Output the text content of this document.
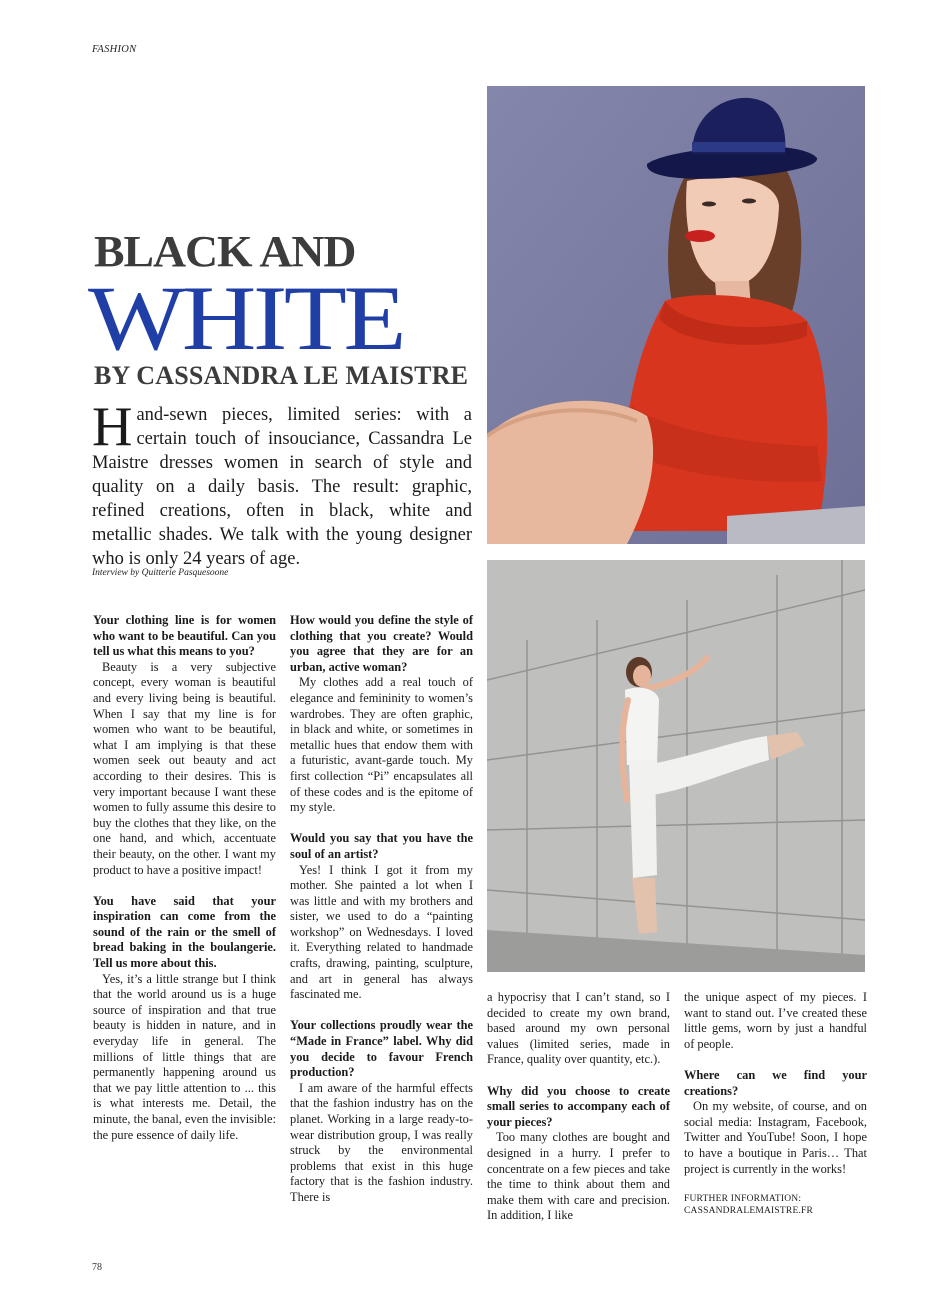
FASHION
BLACK AND
WHITE
BY CASSANDRA LE MAISTRE

Hand-sewn pieces, limited series: with a certain touch of insouciance, Cassandra Le Maistre dresses women in search of style and quality on a daily basis. The result: graphic, refined creations, often in black, white and metallic shades. We talk with the young designer who is only 24 years of age.

Interview by Quitterie Pasquesoone

Your clothing line is for women who want to be beautiful. Can you tell us what this means to you?

Beauty is a very subjective concept, every woman is beautiful and every living being is beautiful. When I say that my line is for women who want to be beautiful, what I am implying is that these women seek out beauty and act according to their desires. This is very important because I want these women to fully assume this desire to buy the clothes that they like, on the one hand, and which, accentuate their beauty, on the other. I want my product to have a positive impact!

You have said that your inspiration can come from the sound of the rain or the smell of bread baking in the boulangerie. Tell us more about this.

Yes, it’s a little strange but I think that the world around us is a huge source of inspiration and that true beauty is hidden in nature, and in everyday life in general. The millions of little things that are permanently happening around us that we pay little attention to ... this is what interests me. Detail, the minute, the banal, even the invisible: the pure essence of daily life.

How would you define the style of clothing that you create? Would you agree that they are for an urban, active woman?

My clothes add a real touch of elegance and femininity to women’s wardrobes. They are often graphic, in black and white, or sometimes in metallic hues that endow them with a futuristic, avant-garde touch. My first collection “Pi” encapsulates all of these codes and is the epitome of my style.

Would you say that you have the soul of an artist?

Yes! I think I got it from my mother. She painted a lot when I was little and with my brothers and sister, we used to do a “painting workshop” on Wednesdays. I loved it. Everything related to handmade crafts, drawing, painting, sculpture, and art in general has always fascinated me.

Your collections proudly wear the “Made in France” label. Why did you decide to favour French production?

I am aware of the harmful effects that the fashion industry has on the planet. Working in a large ready-to-wear distribution group, I was really struck by the environmental problems that exist in this huge factory that is the fashion industry. There is

a hypocrisy that I can’t stand, so I decided to create my own brand, based around my own personal values (limited series, made in France, quality over quantity, etc.).

Why did you choose to create small series to accompany each of your pieces?

Too many clothes are bought and designed in a hurry. I prefer to concentrate on a few pieces and take the time to think about them and make them with care and precision. In addition, I like

the unique aspect of my pieces. I want to stand out. I’ve created these little gems, worn by just a handful of people.

Where can we find your creations?

On my website, of course, and on social media: Instagram, Facebook, Twitter and YouTube! Soon, I hope to have a boutique in Paris… That project is currently in the works!

FURTHER INFORMATION:

CASSANDRALEMAISTRE.FR

78
